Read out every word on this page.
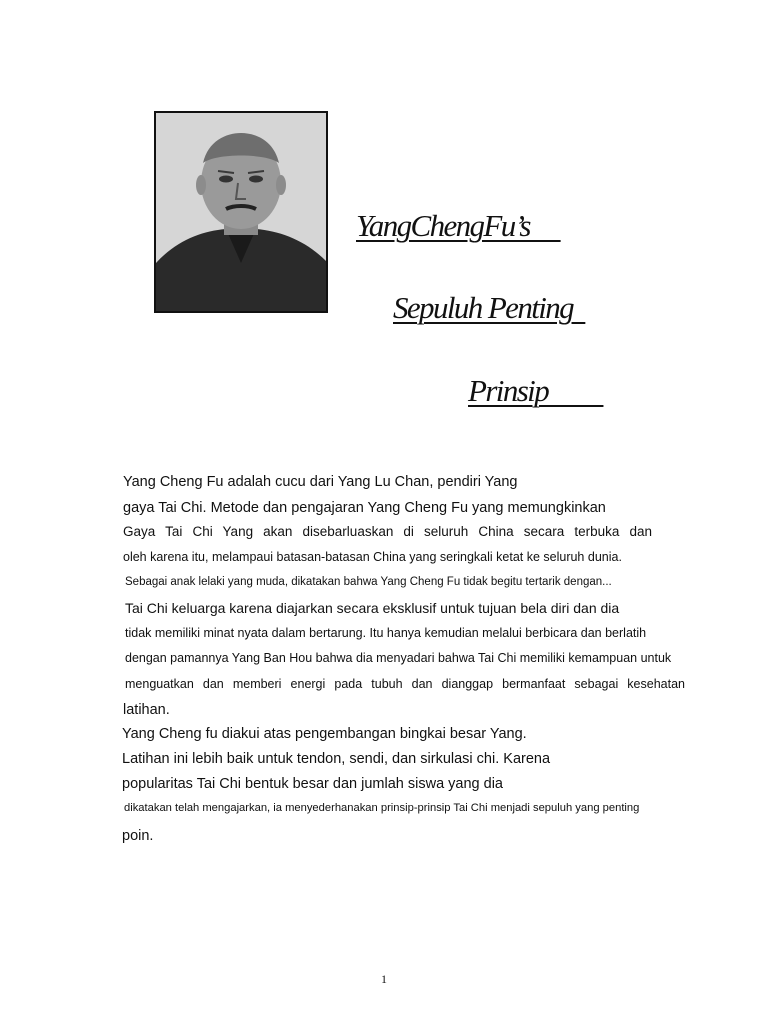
YangChengFu’s
Sepuluh Penting
Prinsip

Yang Cheng Fu adalah cucu dari Yang Lu Chan, pendiri Yang

gaya Tai Chi. Metode dan pengajaran Yang Cheng Fu yang memungkinkan

Gaya Tai Chi Yang akan disebarluaskan di seluruh China secara terbuka dan

oleh karena itu, melampaui batasan-batasan China yang seringkali ketat ke seluruh dunia.

Sebagai anak lelaki yang muda, dikatakan bahwa Yang Cheng Fu tidak begitu tertarik dengan...

Tai Chi keluarga karena diajarkan secara eksklusif untuk tujuan bela diri dan dia

tidak memiliki minat nyata dalam bertarung. Itu hanya kemudian melalui berbicara dan berlatih

dengan pamannya Yang Ban Hou bahwa dia menyadari bahwa Tai Chi memiliki kemampuan untuk

menguatkan dan memberi energi pada tubuh dan dianggap bermanfaat sebagai kesehatan

latihan.

Yang Cheng fu diakui atas pengembangan bingkai besar Yang.

Latihan ini lebih baik untuk tendon, sendi, dan sirkulasi chi. Karena

popularitas Tai Chi bentuk besar dan jumlah siswa yang dia

dikatakan telah mengajarkan, ia menyederhanakan prinsip-prinsip Tai Chi menjadi sepuluh yang penting

poin.

1
